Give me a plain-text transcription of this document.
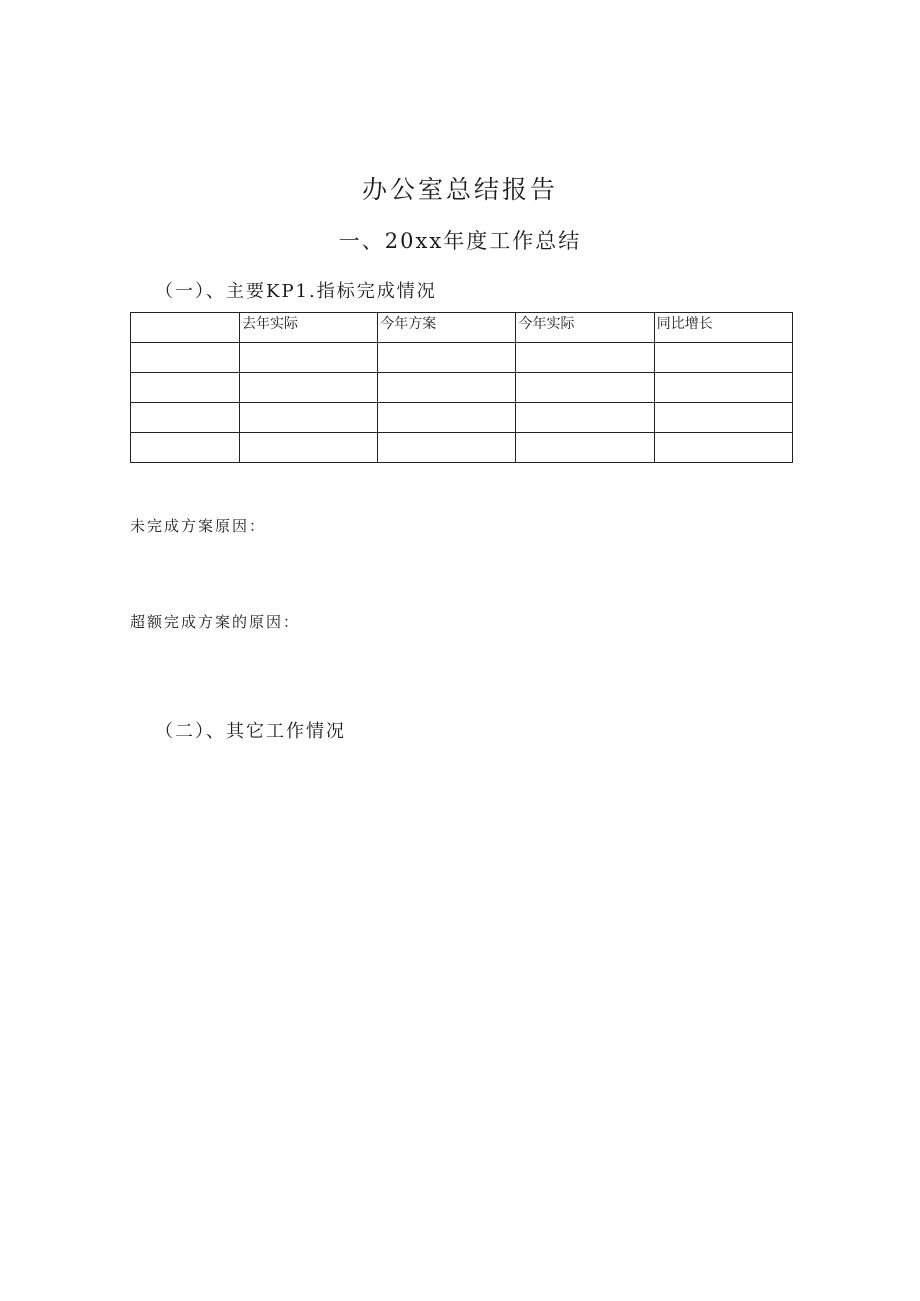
办公室总结报告
一、20xx年度工作总结
（一）、主要KP1.指标完成情况
	去年实际	今年方案	今年实际	同比增长

未完成方案原因：

超额完成方案的原因：

（二）、其它工作情况
